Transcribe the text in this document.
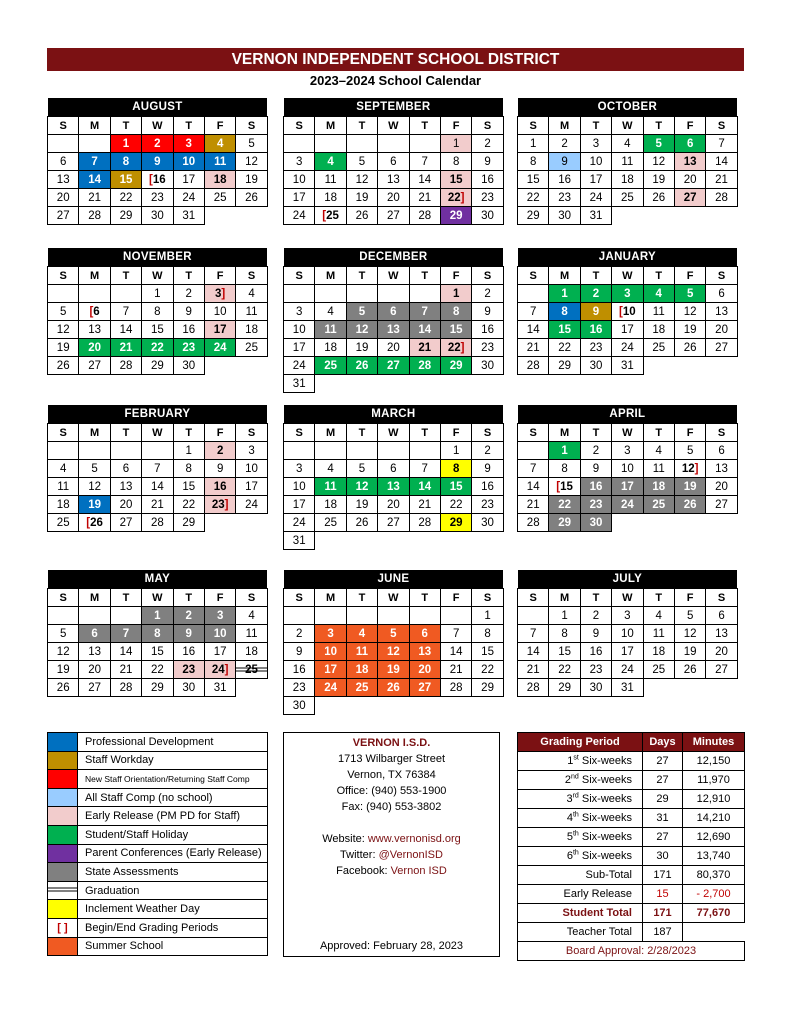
VERNON INDEPENDENT SCHOOL DISTRICT
2023–2024 School Calendar
AUGUST						
S	M	T	W	T	F	S
		1	2	3	4	5
6	7	8	9	10	11	12
13	14	15	[16	17	18	19
20	21	22	23	24	25	26
27	28	29	30	31		
SEPTEMBER						
S	M	T	W	T	F	S
					1	2
3	4	5	6	7	8	9
10	11	12	13	14	15	16
17	18	19	20	21	22]	23
24	[25	26	27	28	29	30
OCTOBER						
S	M	T	W	T	F	S
1	2	3	4	5	6	7
8	9	10	11	12	13	14
15	16	17	18	19	20	21
22	23	24	25	26	27	28
29	30	31				
NOVEMBER						
S	M	T	W	T	F	S
			1	2	3]	4
5	[6	7	8	9	10	11
12	13	14	15	16	17	18
19	20	21	22	23	24	25
26	27	28	29	30		
DECEMBER						
S	M	T	W	T	F	S
					1	2
3	4	5	6	7	8	9
10	11	12	13	14	15	16
17	18	19	20	21	22]	23
24	25	26	27	28	29	30
31						
JANUARY						
S	M	T	W	T	F	S
	1	2	3	4	5	6
7	8	9	[10	11	12	13
14	15	16	17	18	19	20
21	22	23	24	25	26	27
28	29	30	31			
FEBRUARY						
S	M	T	W	T	F	S
				1	2	3
4	5	6	7	8	9	10
11	12	13	14	15	16	17
18	19	20	21	22	23]	24
25	[26	27	28	29		
MARCH						
S	M	T	W	T	F	S
					1	2
3	4	5	6	7	8	9
10	11	12	13	14	15	16
17	18	19	20	21	22	23
24	25	26	27	28	29	30
31						
APRIL						
S	M	T	W	T	F	S
	1	2	3	4	5	6
7	8	9	10	11	12]	13
14	[15	16	17	18	19	20
21	22	23	24	25	26	27
28	29	30				
MAY						
S	M	T	W	T	F	S
			1	2	3	4
5	6	7	8	9	10	11
12	13	14	15	16	17	18
19	20	21	22	23	24]	25
26	27	28	29	30	31	
JUNE						
S	M	T	W	T	F	S
						1
2	3	4	5	6	7	8
9	10	11	12	13	14	15
16	17	18	19	20	21	22
23	24	25	26	27	28	29
30						
JULY						
S	M	T	W	T	F	S
	1	2	3	4	5	6
7	8	9	10	11	12	13
14	15	16	17	18	19	20
21	22	23	24	25	26	27
28	29	30	31			
	Professional Development
	Staff Workday
	New Staff Orientation/Returning Staff Comp
	All Staff Comp (no school)
	Early Release (PM PD for Staff)
	Student/Staff Holiday
	Parent Conferences (Early Release)
	State Assessments
	Graduation
	Inclement Weather Day
[ ]	Begin/End Grading Periods
	Summer School
VERNON I.S.D.
1713 Wilbarger Street
Vernon, TX 76384
Office: (940) 553-1900
Fax: (940) 553-3802
Website: www.vernonisd.org
Twitter: @VernonISD
Facebook: Vernon ISD
Approved: February 28, 2023
Grading Period	Days	Minutes
1st Six-weeks	27	12,150
2nd Six-weeks	27	11,970
3rd Six-weeks	29	12,910
4th Six-weeks	31	14,210
5th Six-weeks	27	12,690
6th Six-weeks	30	13,740
Sub-Total	171	80,370
Early Release	15	- 2,700
Student Total	171	77,670
Teacher Total	187	
Board Approval: 2/28/2023		
